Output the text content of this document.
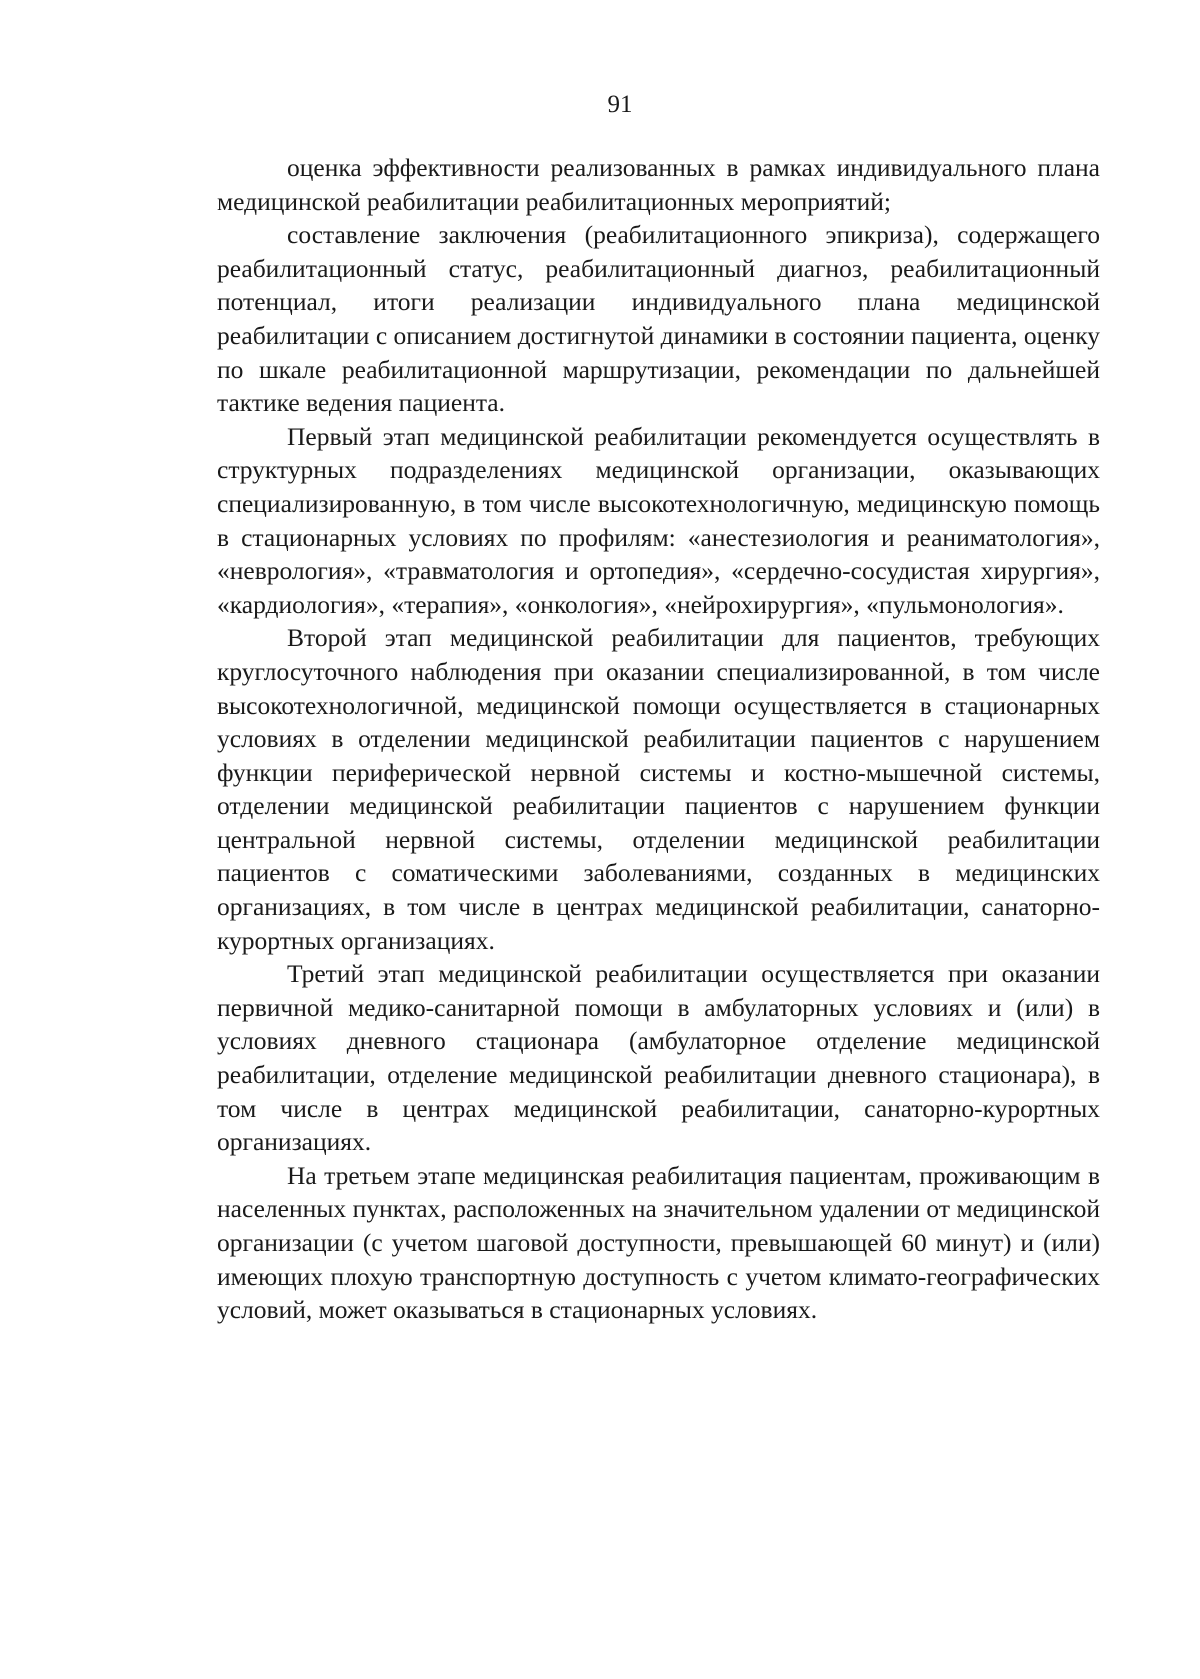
91

оценка эффективности реализованных в рамках индивидуального плана медицинской реабилитации реабилитационных мероприятий;

составление заключения (реабилитационного эпикриза), содержащего реабилитационный статус, реабилитационный диагноз, реабилитационный потенциал, итоги реализации индивидуального плана медицинской реабилитации с описанием достигнутой динамики в состоянии пациента, оценку по шкале реабилитационной маршрутизации, рекомендации по дальнейшей тактике ведения пациента.

Первый этап медицинской реабилитации рекомендуется осуществлять в структурных подразделениях медицинской организации, оказывающих специализированную, в том числе высокотехнологичную, медицинскую помощь в стационарных условиях по профилям: «анестезиология и реаниматология», «неврология», «травматология и ортопедия», «сердечно-сосудистая хирургия», «кардиология», «терапия», «онкология», «нейрохирургия», «пульмонология».

Второй этап медицинской реабилитации для пациентов, требующих круглосуточного наблюдения при оказании специализированной, в том числе высокотехнологичной, медицинской помощи осуществляется в стационарных условиях в отделении медицинской реабилитации пациентов с нарушением функции периферической нервной системы и костно-мышечной системы, отделении медицинской реабилитации пациентов с нарушением функции центральной нервной системы, отделении медицинской реабилитации пациентов с соматическими заболеваниями, созданных в медицинских организациях, в том числе в центрах медицинской реабилитации, санаторно-курортных организациях.

Третий этап медицинской реабилитации осуществляется при оказании первичной медико-санитарной помощи в амбулаторных условиях и (или) в условиях дневного стационара (амбулаторное отделение медицинской реабилитации, отделение медицинской реабилитации дневного стационара), в том числе в центрах медицинской реабилитации, санаторно-курортных организациях.

На третьем этапе медицинская реабилитация пациентам, проживающим в населенных пунктах, расположенных на значительном удалении от медицинской организации (с учетом шаговой доступности, превышающей 60 минут) и (или) имеющих плохую транспортную доступность с учетом климато-географических условий, может оказываться в стационарных условиях.
